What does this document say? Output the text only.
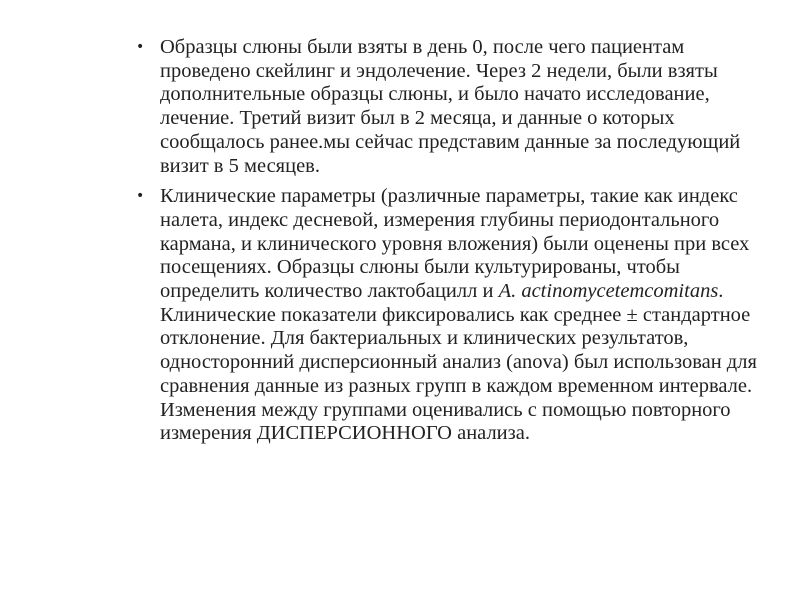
• Образцы слюны были взяты в день 0, после чего пациентам проведено скейлинг и эндолечение. Через 2 недели, были взяты дополнительные образцы слюны, и было начато исследование, лечение. Третий визит был в 2 месяца, и данные о которых сообщалось ранее.мы сейчас представим данные за последующий визит в 5 месяцев.
• Клинические параметры (различные параметры, такие как индекс налета, индекс десневой, измерения глубины периодонтального кармана, и клинического уровня вложения) были оценены при всех посещениях. Образцы слюны были культурированы, чтобы определить количество лактобацилл и A. actinomycetemcomitans. Клинические показатели фиксировались как среднее ± стандартное отклонение. Для бактериальных и клинических результатов, односторонний дисперсионный анализ (anova) был использован для сравнения данные из разных групп в каждом временном интервале. Изменения между группами оценивались с помощью повторного измерения ДИСПЕРСИОННОГО анализа.
